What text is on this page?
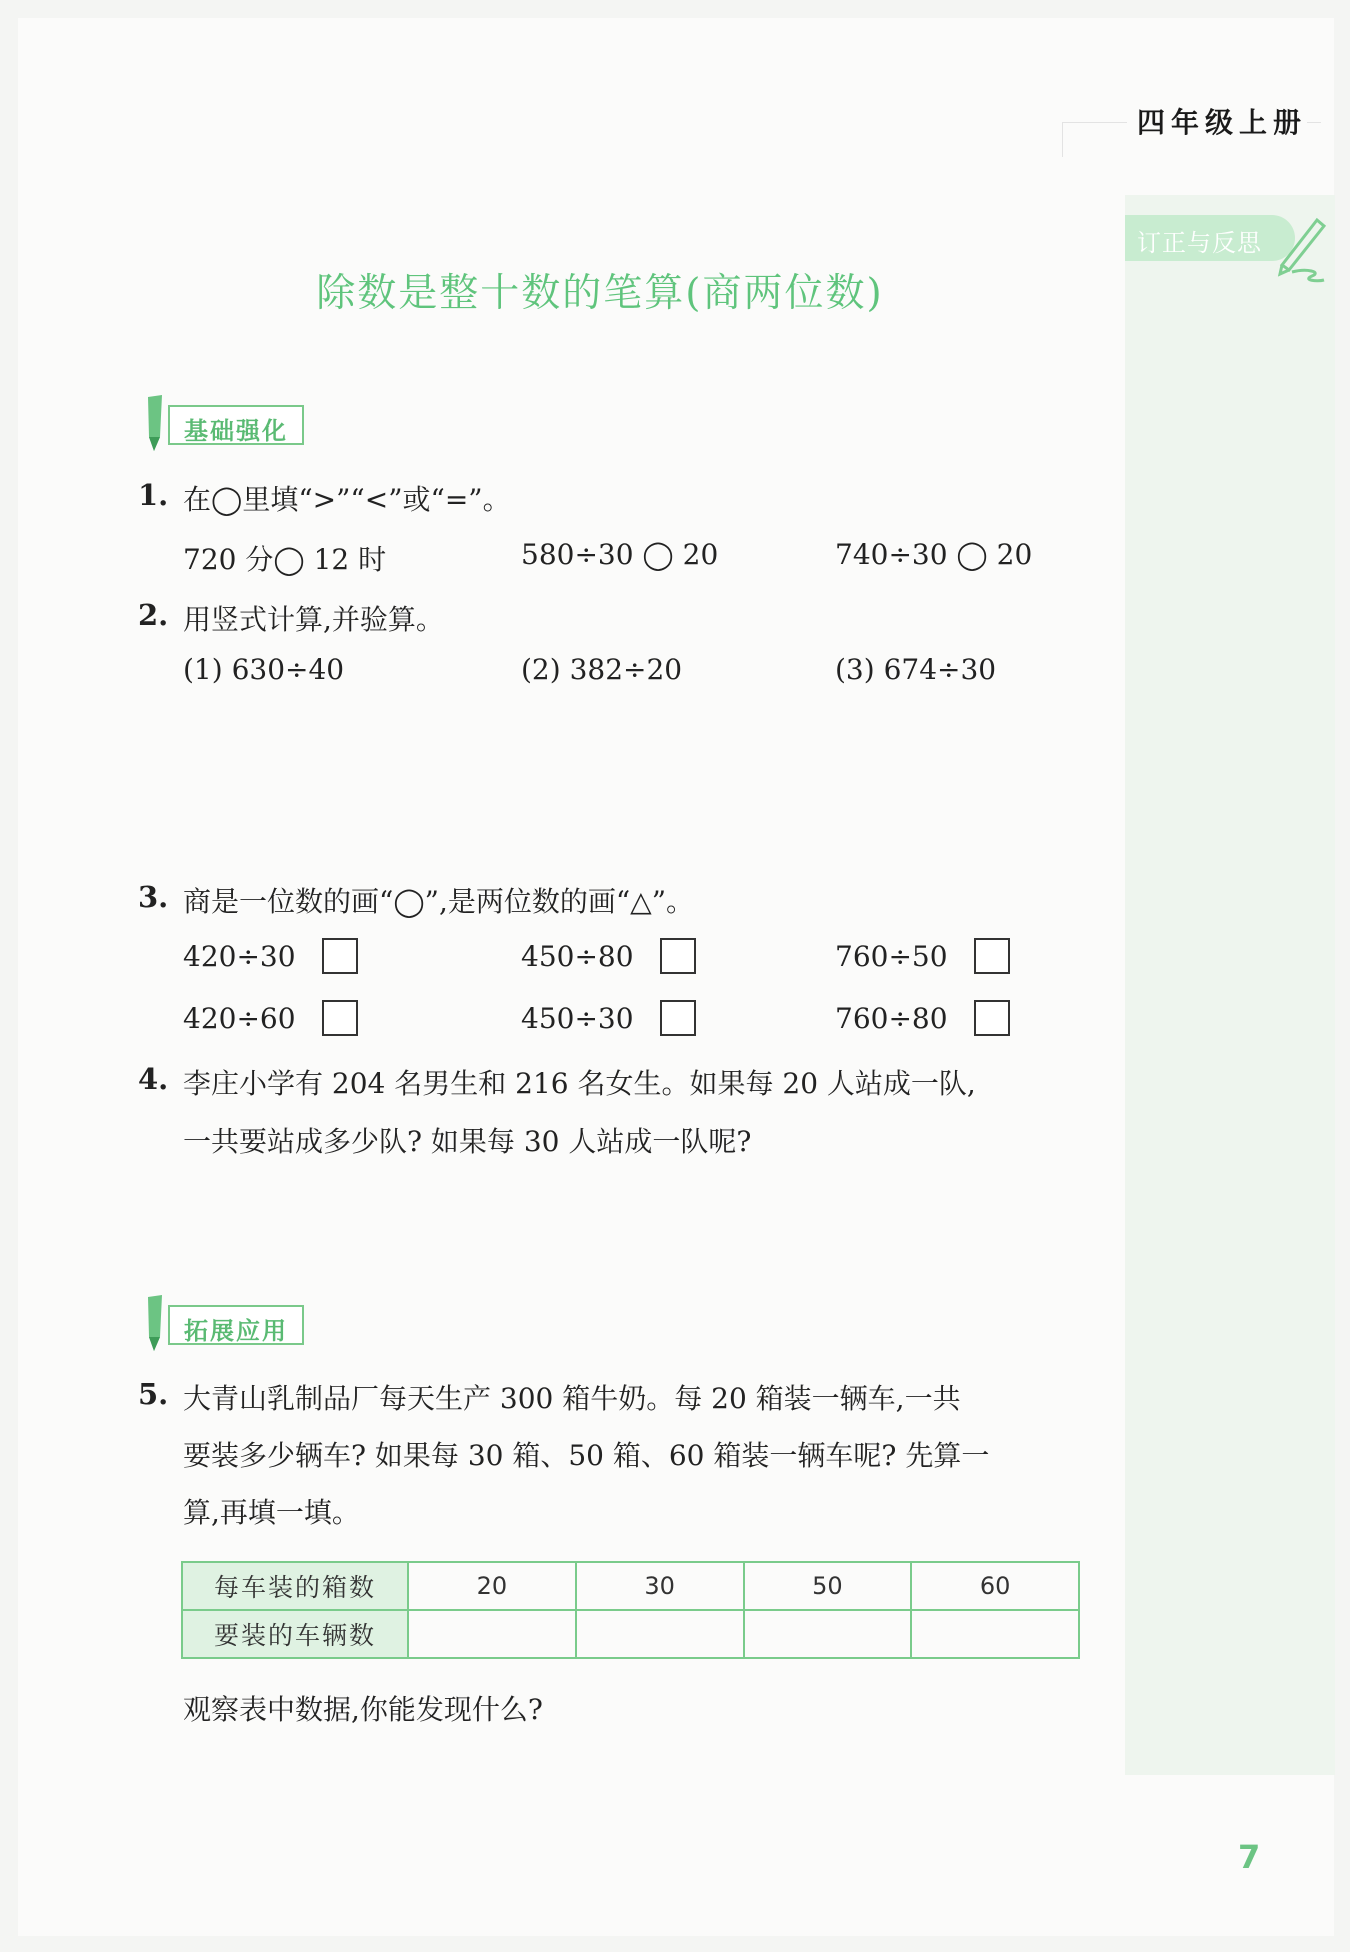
四年级上册
订正与反思
除数是整十数的笔算(商两位数)
基础强化
1. 在◯里填“>”“<”或“=”。
720 分◯ 12 时	580÷30 ◯ 20	740÷30 ◯ 20
2. 用竖式计算,并验算。
(1) 630÷40	(2) 382÷20	(3) 674÷30
3. 商是一位数的画“◯”,是两位数的画“△”。
420÷30	450÷80	760÷50
420÷60	450÷30	760÷80
4. 李庄小学有 204 名男生和 216 名女生。如果每 20 人站成一队,
一共要站成多少队? 如果每 30 人站成一队呢?
拓展应用
5. 大青山乳制品厂每天生产 300 箱牛奶。每 20 箱装一辆车,一共
要装多少辆车? 如果每 30 箱、50 箱、60 箱装一辆车呢? 先算一
算,再填一填。
每车装的箱数	20	30	50	60
要装的车辆数				
观察表中数据,你能发现什么?
7
